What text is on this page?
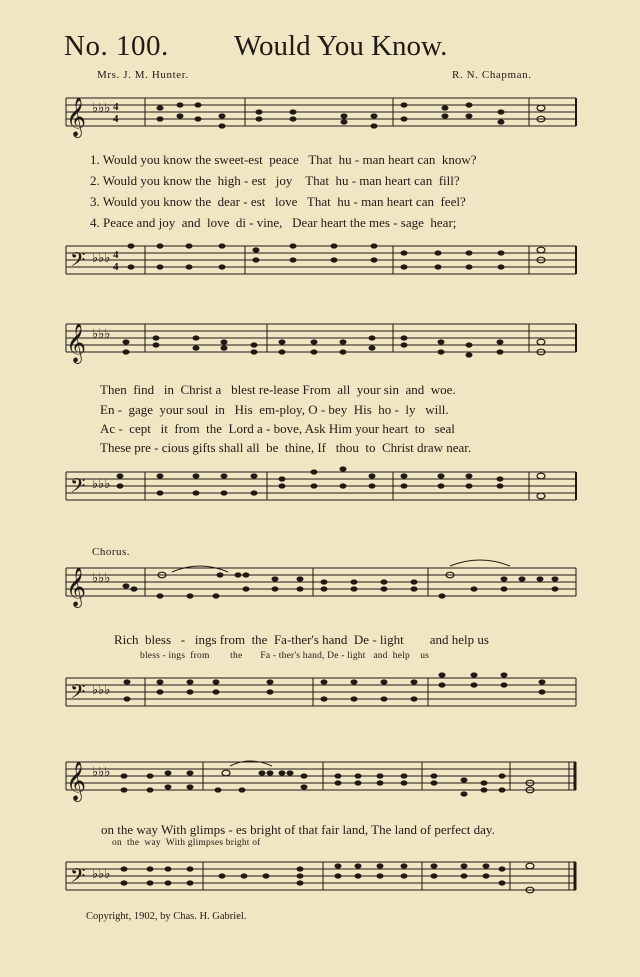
No. 100. Would You Know.
Mrs. J. M. Hunter.	R. N. Chapman.
𝄞 ♭♭♭ 4
4
1. Would you know the sweet-est  peace   That  hu - man heart can  know?
2. Would you know the  high - est   joy    That  hu - man heart can  fill?
3. Would you know the  dear - est   love   That  hu - man heart can  feel?
4. Peace and joy  and  love  di - vine,   Dear heart the mes - sage  hear;
𝄢 ♭♭♭ 4
4
𝄞 ♭♭♭
Then  find   in  Christ a   blest re-lease From  all  your sin  and  woe.
En -  gage  your soul  in   His  em-ploy, O - bey  His  ho -  ly   will.
Ac -  cept   it  from  the  Lord a - bove, Ask Him your heart  to   seal
These pre - cious gifts shall all  be  thine, If   thou  to  Christ draw near.
𝄢 ♭♭♭
Chorus.
𝄞 ♭♭♭
Rich  bless   -   ings from  the  Fa-ther's hand  De - light        and help us
bless - ings  from        the       Fa - ther's hand, De - light   and  help    us
𝄢 ♭♭♭
𝄞 ♭♭♭
on the way With glimps - es bright of that fair land, The land of perfect day.
on  the  way  With glimpses bright of
𝄢 ♭♭♭
Copyright, 1902, by Chas. H. Gabriel.
